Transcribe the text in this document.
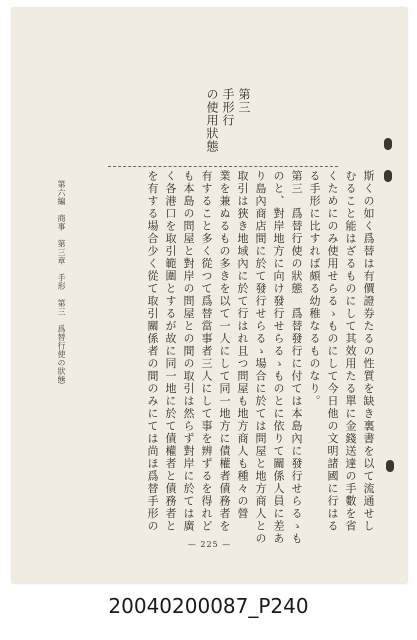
第三
手形行
の使用狀態
斯くの如く爲替は有價證券たるの性質を缺き裏書を以て流通せし
むること能はざるものにして其效用たる單に金錢送達の手數を省
くためにのみ使用せらるゝものにして今日他の文明諸國に行はる
る手形に比すれば頗る幼稚なるものなり。
第三　爲替行使の狀態　爲替發行に付ては本島內に發行せらるゝも
のと、對岸地方に向け發行せらるゝものとに依りて關係人員に差あ
り島內商店間に於て發行せらるゝ場合に於ては問屋と地方商人との
取引は狹き地域內に於て行はれ且つ問屋も地方商人も種々の營
業を兼ぬるもの多きを以て一人にして同一地方に債權者債務者を
有すること多く從つて爲替當事者三人にして事を辨ずるを得れど
も本島の問屋と對岸の問屋との間の取引は然らず對岸に於ては廣
く各港口を取引範圍とするが故に同一地に於て債權者と債務者と
を有する場合少く從て取引關係者の間のみにては尚ほ爲替手形の
第六編　商事　第三章　手形　第三　爲替行使の狀態
— 225 —
20040200087_P240
